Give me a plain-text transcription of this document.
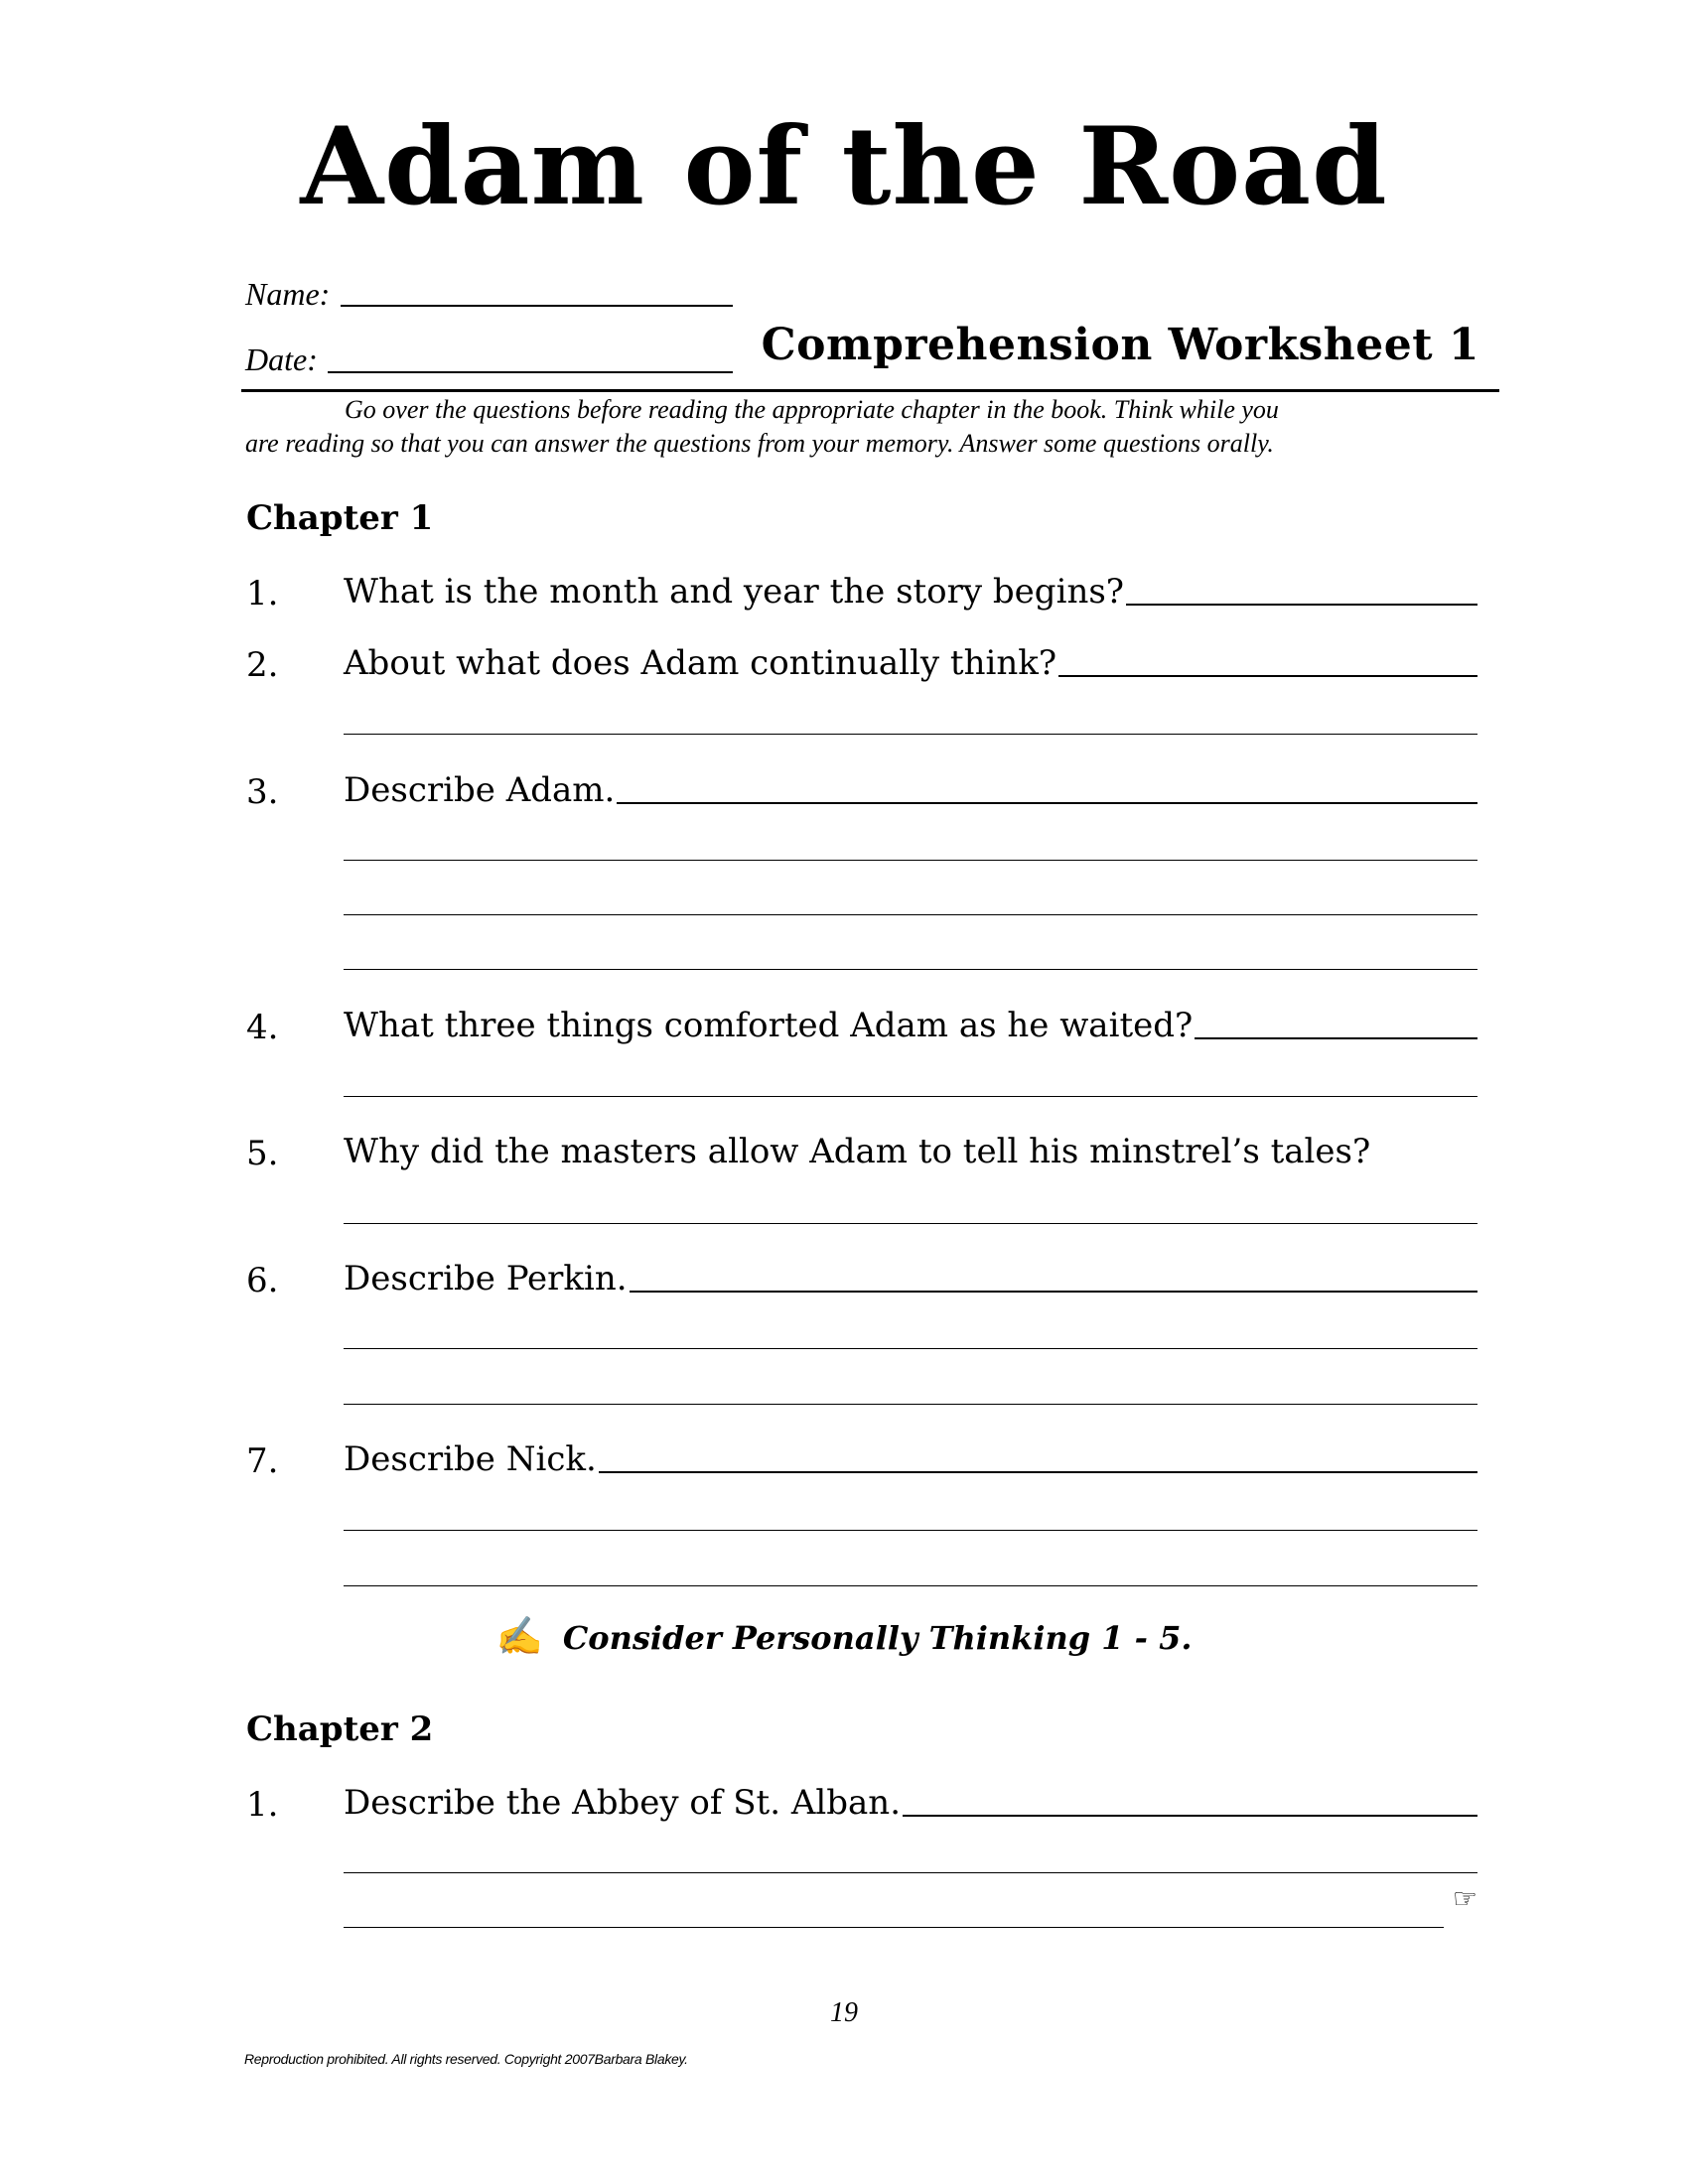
Adam of the Road
Name:
Date:	Comprehension Worksheet 1

Go over the questions before reading the appropriate chapter in the book. Think while you

are reading so that you can answer the questions from your memory. Answer some questions orally.

Chapter 1
1. What is the month and year the story begins?
2. About what does Adam continually think?
3. Describe Adam.
4. What three things comforted Adam as he waited?
5. Why did the masters allow Adam to tell his minstrel’s tales?
6. Describe Perkin.
7. Describe Nick.
✍ Consider Personally Thinking 1 - 5.
Chapter 2
1. Describe the Abbey of St. Alban.
☞
19
Reproduction prohibited. All rights reserved. Copyright 2007Barbara Blakey.
